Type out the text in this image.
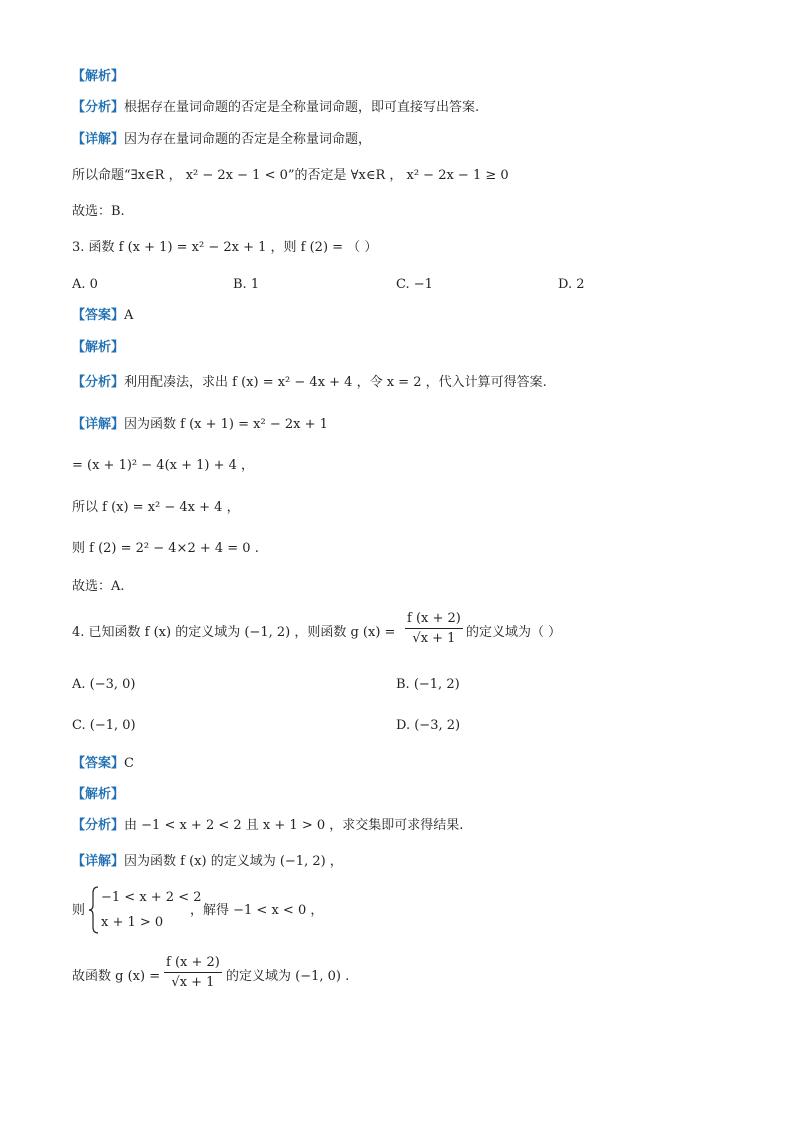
【解析】
【分析】根据存在量词命题的否定是全称量词命题，即可直接写出答案.
【详解】因为存在量词命题的否定是全称量词命题，
所以命题“∃x∈R ， x² − 2x − 1 < 0”的否定是 ∀x∈R ， x² − 2x − 1 ≥ 0
故选：B.
3. 函数 f (x + 1) = x² − 2x + 1 ，则 f (2) = （ ）
A. 0	B. 1	C. −1	D. 2
【答案】A
【解析】
【分析】利用配凑法，求出 f (x) = x² − 4x + 4 ，令 x = 2 ，代入计算可得答案.
【详解】因为函数 f (x + 1) = x² − 2x + 1
= (x + 1)² − 4(x + 1) + 4 ，
所以 f (x) = x² − 4x + 4 ，
则 f (2) = 2² − 4×2 + 4 = 0 .
故选：A.
4. 已知函数 f (x) 的定义域为 (−1, 2) ，则函数 g $(x) = \frac{f (x + 2)}{√x + 1}$ 的定义域为（ ）
A. (−3, 0)	B. (−1, 2)
C. (−1, 0)	D. (−3, 2)
【答案】C
【解析】
【分析】由 −1 < x + 2 < 2 且 x + 1 > 0 ，求交集即可求得结果.
【详解】因为函数 f (x) 的定义域为 (−1, 2) ，
则
−1 < x + 2 < 2
x + 1 > 0
，解得 −1 < x < 0 ，
故函数 g $(x) = \frac{f (x + 2)}{√x + 1}$ 的定义域为 (−1, 0) .
